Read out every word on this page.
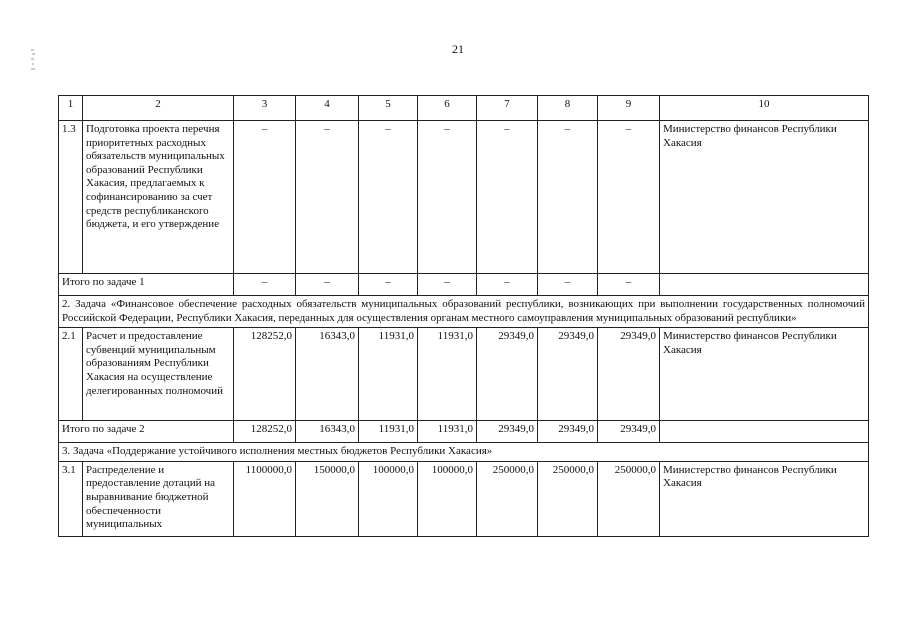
21
1	2	3	4	5	6	7	8	9	10
1.3	Подготовка проекта перечня приоритетных расходных обязательств муниципальных образований Республики Хакасия, предлагаемых к софинансированию за счет средств республиканского бюджета, и его утверждение	–	–	–	–	–	–	–	Министерство финансов Республики Хакасия
Итого по задаче 1		–	–	–	–	–	–	–	
2. Задача «Финансовое обеспечение расходных обязательств муниципальных образований республики, возникающих при выполнении государственных полномочий Российской Федерации, Республики Хакасия, переданных для осуществления органам местного самоуправления муниципальных образований республики»									
2.1	Расчет и предоставление субвенций муниципальным образованиям Республики Хакасия на осуществление делегированных полномочий	128252,0	16343,0	11931,0	11931,0	29349,0	29349,0	29349,0	Министерство финансов Республики Хакасия
Итого по задаче 2		128252,0	16343,0	11931,0	11931,0	29349,0	29349,0	29349,0	
3. Задача «Поддержание устойчивого исполнения местных бюджетов Республики Хакасия»									
3.1	Распределение и предоставление дотаций на выравнивание бюджетной обеспеченности муниципальных	1100000,0	150000,0	100000,0	100000,0	250000,0	250000,0	250000,0	Министерство финансов Республики Хакасия
